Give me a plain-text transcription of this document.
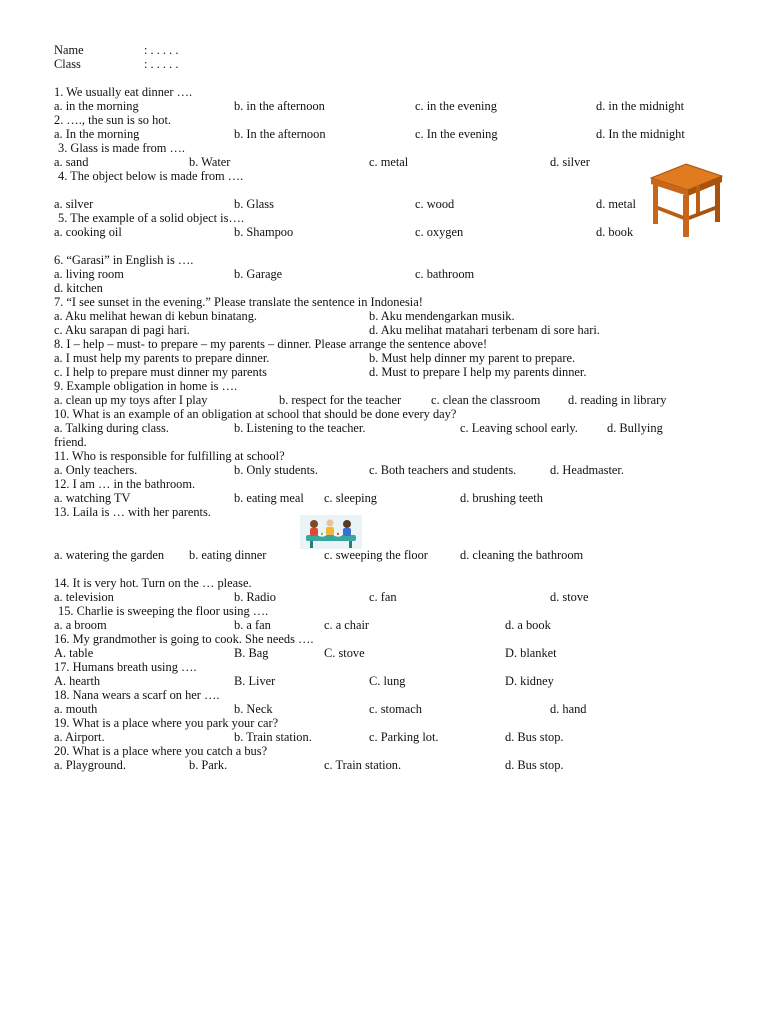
Name	: . . . . .
Class	: . . . . .
1. We usually eat dinner ….
a. in the morning	b. in the afternoon	c. in the evening	d. in the midnight
2. …., the sun is so hot.
a. In the morning	b. In the afternoon	c. In the evening	d. In the midnight
3. Glass is made from ….
a. sand	b. Water	c. metal	d. silver
4. The object below is made from ….
a. silver	b. Glass	c. wood	d. metal
5. The example of a solid object is….
a. cooking oil	b. Shampoo	c. oxygen	d. book
6. “Garasi” in English is ….
a. living room	b. Garage	c. bathroom
d. kitchen
7. “I see sunset in the evening.” Please translate the sentence in Indonesia!
a. Aku melihat hewan di kebun binatang.	b. Aku mendengarkan musik.
c. Aku sarapan di pagi hari.	d. Aku melihat matahari terbenam di sore hari.
8. I – help – must- to prepare – my parents – dinner. Please arrange the sentence above!
a. I must help my parents to prepare dinner.	b. Must help dinner my parent to prepare.
c. I help to prepare must dinner my parents	d. Must to prepare I help my parents dinner.
9. Example obligation in home is ….
a. clean up my toys after I play	b. respect for the teacher c. clean the classroom d. reading in library
10. What is an example of an obligation at school that should be done every day?
a. Talking during class.	b. Listening to the teacher.	c. Leaving school early. d. Bullying
friend.
11. Who is responsible for fulfilling at school?
a. Only teachers.	b. Only students.	c. Both teachers and students.	d. Headmaster.
12. I am … in the bathroom.
a. watching TV	b. eating meal c. sleeping	d. brushing teeth
13. Laila is … with her parents.
a. watering the garden b. eating dinner	c. sweeping the floor	d. cleaning the bathroom
14. It is very hot. Turn on the … please.
a. television	b. Radio	c. fan	d. stove
15. Charlie is sweeping the floor using ….
a. a broom	b. a fan	c. a chair	d. a book
16. My grandmother is going to cook. She needs ….
A. table	B. Bag	C. stove	D. blanket
17. Humans breath using ….
A. hearth	B. Liver	C. lung	D. kidney
18. Nana wears a scarf on her ….
a. mouth	b. Neck	c. stomach	d. hand
19. What is a place where you park your car?
a. Airport.	b. Train station.	c. Parking lot.	d. Bus stop.
20. What is a place where you catch a bus?
a. Playground.	b. Park.	c. Train station.	d. Bus stop.
